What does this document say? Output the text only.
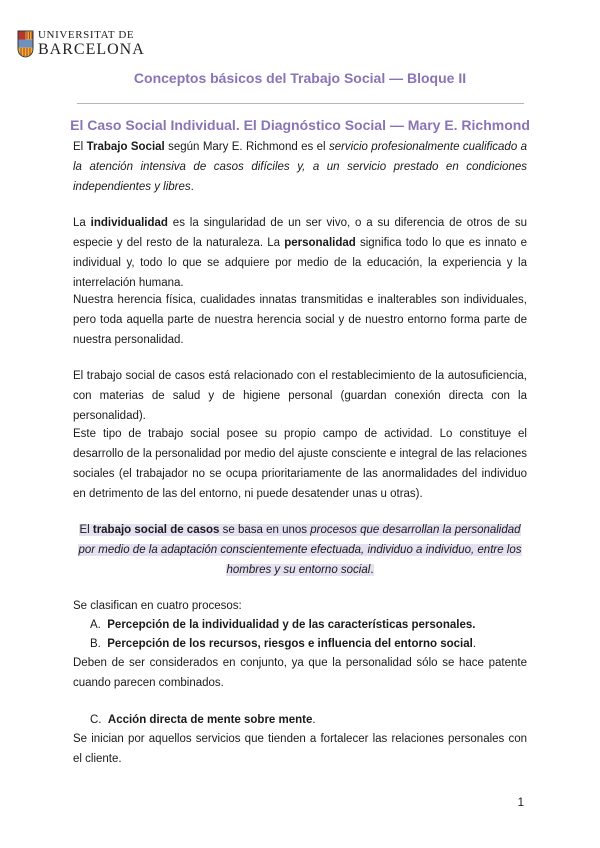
UNIVERSITAT DE
BARCELONA
Conceptos básicos del Trabajo Social — Bloque II
El Caso Social Individual. El Diagnóstico Social — Mary E. Richmond

El Trabajo Social según Mary E. Richmond es el servicio profesionalmente cualificado a la atención intensiva de casos difíciles y, a un servicio prestado en condiciones independientes y libres.

La individualidad es la singularidad de un ser vivo, o a su diferencia de otros de su especie y del resto de la naturaleza. La personalidad significa todo lo que es innato e individual y, todo lo que se adquiere por medio de la educación, la experiencia y la interrelación humana.

Nuestra herencia física, cualidades innatas transmitidas e inalterables son individuales, pero toda aquella parte de nuestra herencia social y de nuestro entorno forma parte de nuestra personalidad.

El trabajo social de casos está relacionado con el restablecimiento de la autosuficiencia, con materias de salud y de higiene personal (guardan conexión directa con la personalidad).

Este tipo de trabajo social posee su propio campo de actividad. Lo constituye el desarrollo de la personalidad por medio del ajuste consciente e integral de las relaciones sociales (el trabajador no se ocupa prioritariamente de las anormalidades del individuo en detrimento de las del entorno, ni puede desatender unas u otras).

El trabajo social de casos se basa en unos procesos que desarrollan la personalidad por medio de la adaptación conscientemente efectuada, individuo a individuo, entre los hombres y su entorno social.

Se clasifican en cuatro procesos:

A. Percepción de la individualidad y de las características personales.

B. Percepción de los recursos, riesgos e influencia del entorno social.

Deben de ser considerados en conjunto, ya que la personalidad sólo se hace patente cuando parecen combinados.

C. Acción directa de mente sobre mente.

Se inician por aquellos servicios que tienden a fortalecer las relaciones personales con el cliente.

1
